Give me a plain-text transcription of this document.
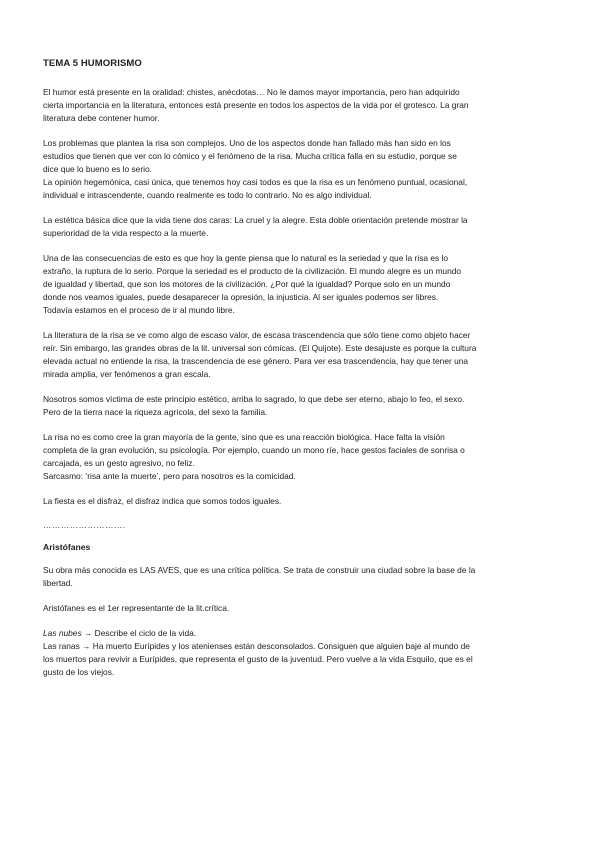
TEMA 5 HUMORISMO
El humor está presente en la oralidad: chistes, anécdotas… No le damos mayor importancia, pero han adquirido
cierta importancia en la literatura, entonces está presente en todos los aspectos de la vida por el grotesco. La gran
literatura debe contener humor.
Los problemas que plantea la risa son complejos. Uno de los aspectos donde han fallado más han sido en los
estudios que tienen que ver con lo cómico y el fenómeno de la risa. Mucha crítica falla en su estudio, porque se
dice que lo bueno es lo serio.
La opinión hegemónica, casi única, que tenemos hoy casi todos es que la risa es un fenómeno puntual, ocasional,
individual e intrascendente, cuando realmente es todo lo contrario. No es algo individual.
La estética básica dice que la vida tiene dos caras: La cruel y la alegre. Esta doble orientación pretende mostrar la
superioridad de la vida respecto a la muerte.
Una de las consecuencias de esto es que hoy la gente piensa que lo natural es la seriedad y que la risa es lo
extraño, la ruptura de lo serio. Porque la seriedad es el producto de la civilización. El mundo alegre es un mundo
de igualdad y libertad, que son los motores de la civilización. ¿Por qué la igualdad? Porque solo en un mundo
donde nos veamos iguales, puede desaparecer la opresión, la injusticia. Al ser iguales podemos ser libres.
Todavía estamos en el proceso de ir al mundo libre.
La literatura de la risa se ve como algo de escaso valor, de escasa trascendencia que sólo tiene como objeto hacer
reír. Sin embargo, las grandes obras de la lit. universal son cómicas. (El Quijote). Este desajuste es porque la cultura
elevada actual no entiende la risa, la trascendencia de ese género. Para ver esa trascendencia, hay que tener una
mirada amplia, ver fenómenos a gran escala.
Nosotros somos víctima de este principio estético, arriba lo sagrado, lo que debe ser eterno, abajo lo feo, el sexo.
Pero de la tierra nace la riqueza agrícola, del sexo la familia.
La risa no es como cree la gran mayoría de la gente, sino que es una reacción biológica. Hace falta la visión
completa de la gran evolución, su psicología. Por ejemplo, cuando un mono ríe, hace gestos faciales de sonrisa o
carcajada, es un gesto agresivo, no feliz.
Sarcasmo: ‘risa ante la muerte’, pero para nosotros es la comicidad.
La fiesta es el disfraz, el disfraz indica que somos todos iguales.
……………………….
Aristófanes
Su obra más conocida es LAS AVES, que es una crítica política. Se trata de construir una ciudad sobre la base de la
libertad.
Aristófanes es el 1er representante de la lit.crítica.
Las nubes → Describe el ciclo de la vida.
Las ranas → Ha muerto Eurípides y los atenienses están desconsolados. Consiguen que alguien baje al mundo de
los muertos para revivir a Eurípides, que representa el gusto de la juventud. Pero vuelve a la vida Esquilo, que es el
gusto de los viejos.
